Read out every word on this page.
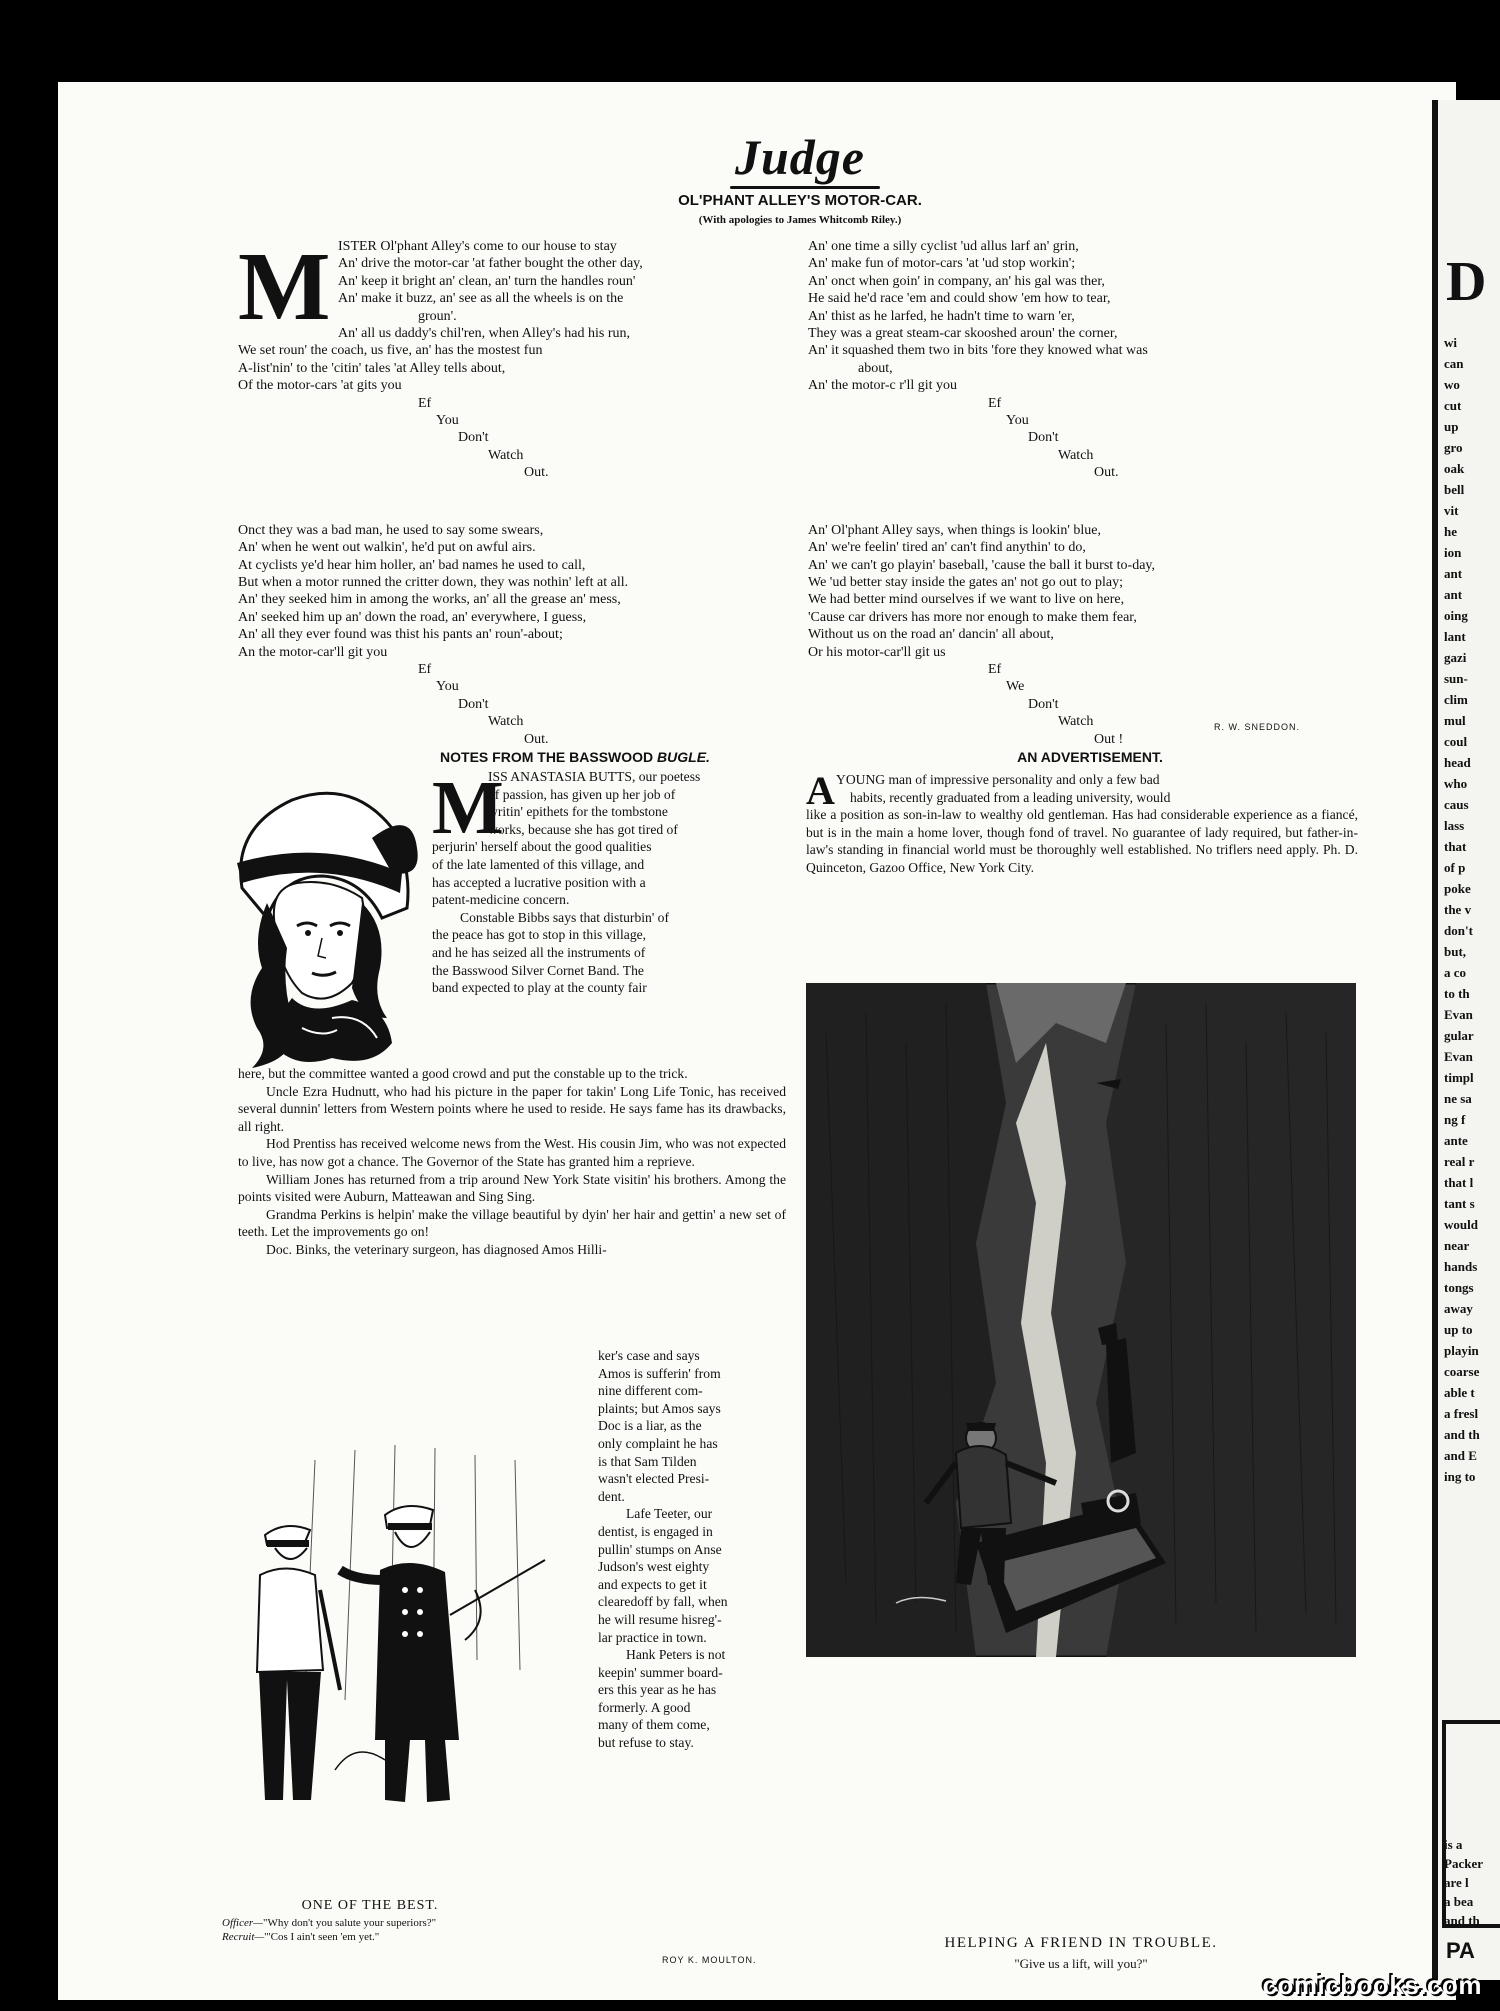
D
wi
can
wo
cut
up
gro
oak
bell
vit
he
ion
ant
ant
oing
lant
gazi
sun-
clim
mul
coul
head
who
caus
lass
that
of p
poke
the v
don't
but,
a co
to th
Evan
gular
Evan
timpl
ne sa
ng f
ante
real r
that l
tant s
would
near
hands
tongs
away
up to
playin
coarse
able t
a fresl
and th
and E
ing to
is a
Packer
are l
a bea
and th
PA
Judge
OL'PHANT ALLEY'S MOTOR-CAR.
(With apologies to James Whitcomb Riley.)
M ISTER Ol'phant Alley's come to our house to stay
An' drive the motor-car 'at father bought the other day,
An' keep it bright an' clean, an' turn the handles roun'
An' make it buzz, an' see as all the wheels is on the
groun'.
An' all us daddy's chil'ren, when Alley's had his run,
We set roun' the coach, us five, an' has the mostest fun
A-list'nin' to the 'citin' tales 'at Alley tells about,
Of the motor-cars 'at gits you
Ef
You
Don't
Watch
Out.
Onct they was a bad man, he used to say some swears,
An' when he went out walkin', he'd put on awful airs.
At cyclists ye'd hear him holler, an' bad names he used to call,
But when a motor runned the critter down, they was nothin' left at all.
An' they seeked him in among the works, an' all the grease an' mess,
An' seeked him up an' down the road, an' everywhere, I guess,
An' all they ever found was thist his pants an' roun'-about;
An the motor-car'll git you
Ef
You
Don't
Watch
Out.
An' one time a silly cyclist 'ud allus larf an' grin,
An' make fun of motor-cars 'at 'ud stop workin';
An' onct when goin' in company, an' his gal was ther,
He said he'd race 'em and could show 'em how to tear,
An' thist as he larfed, he hadn't time to warn 'er,
They was a great steam-car skooshed aroun' the corner,
An' it squashed them two in bits 'fore they knowed what was
about,
An' the motor-c r'll git you
Ef
You
Don't
Watch
Out.
An' Ol'phant Alley says, when things is lookin' blue,
An' we're feelin' tired an' can't find anythin' to do,
An' we can't go playin' baseball, 'cause the ball it burst to-day,
We 'ud better stay inside the gates an' not go out to play;
We had better mind ourselves if we want to live on here,
'Cause car drivers has more nor enough to make them fear,
Without us on the road an' dancin' all about,
Or his motor-car'll git us
Ef
We
Don't
Watch
Out !
R. W. SNEDDON.
NOTES FROM THE BASSWOOD BUGLE.
M
ISS ANASTASIA BUTTS, our poetess
of passion, has given up her job of
writin' epithets for the tombstone
works, because she has got tired of
perjurin' herself about the good qualities
of the late lamented of this village, and
has accepted a lucrative position with a
patent-medicine concern.
Constable Bibbs says that disturbin' of
the peace has got to stop in this village,
and he has seized all the instruments of
the Basswood Silver Cornet Band. The
band expected to play at the county fair

here, but the committee wanted a good crowd and put the constable up to the trick.

Uncle Ezra Hudnutt, who had his picture in the paper for takin' Long Life Tonic, has received several dunnin' letters from Western points where he used to reside. He says fame has its drawbacks, all right.

Hod Prentiss has received welcome news from the West. His cousin Jim, who was not expected to live, has now got a chance. The Governor of the State has granted him a reprieve.

William Jones has returned from a trip around New York State visitin' his brothers. Among the points visited were Auburn, Matteawan and Sing Sing.

Grandma Perkins is helpin' make the village beautiful by dyin' her hair and gettin' a new set of teeth. Let the improvements go on!

Doc. Binks, the veterinary surgeon, has diagnosed Amos Hilli-

ker's case and says
Amos is sufferin' from
nine different com-
plaints; but Amos says
Doc is a liar, as the
only complaint he has
is that Sam Tilden
wasn't elected Presi-
dent.
Lafe Teeter, our
dentist, is engaged in
pullin' stumps on Anse
Judson's west eighty
and expects to get it
clearedoff by fall, when
he will resume hisreg'-
lar practice in town.
Hank Peters is not
keepin' summer board-
ers this year as he has
formerly. A good
many of them come,
but refuse to stay.
ROY K. MOULTON.
ONE OF THE BEST.
Officer—"Why don't you salute your superiors?"
Recruit—"'Cos I ain't seen 'em yet."
AN ADVERTISEMENT.
A YOUNG man of impressive personality and only a few bad
habits, recently graduated from a leading university, would

like a position as son-in-law to wealthy old gentleman. Has had considerable experience as a fiancé, but is in the main a home lover, though fond of travel. No guarantee of lady required, but father-in-law's standing in financial world must be thoroughly well established. No triflers need apply. Ph. D. Quinceton, Gazoo Office, New York City.

HELPING A FRIEND IN TROUBLE.
"Give us a lift, will you?"
comicbooks.com
